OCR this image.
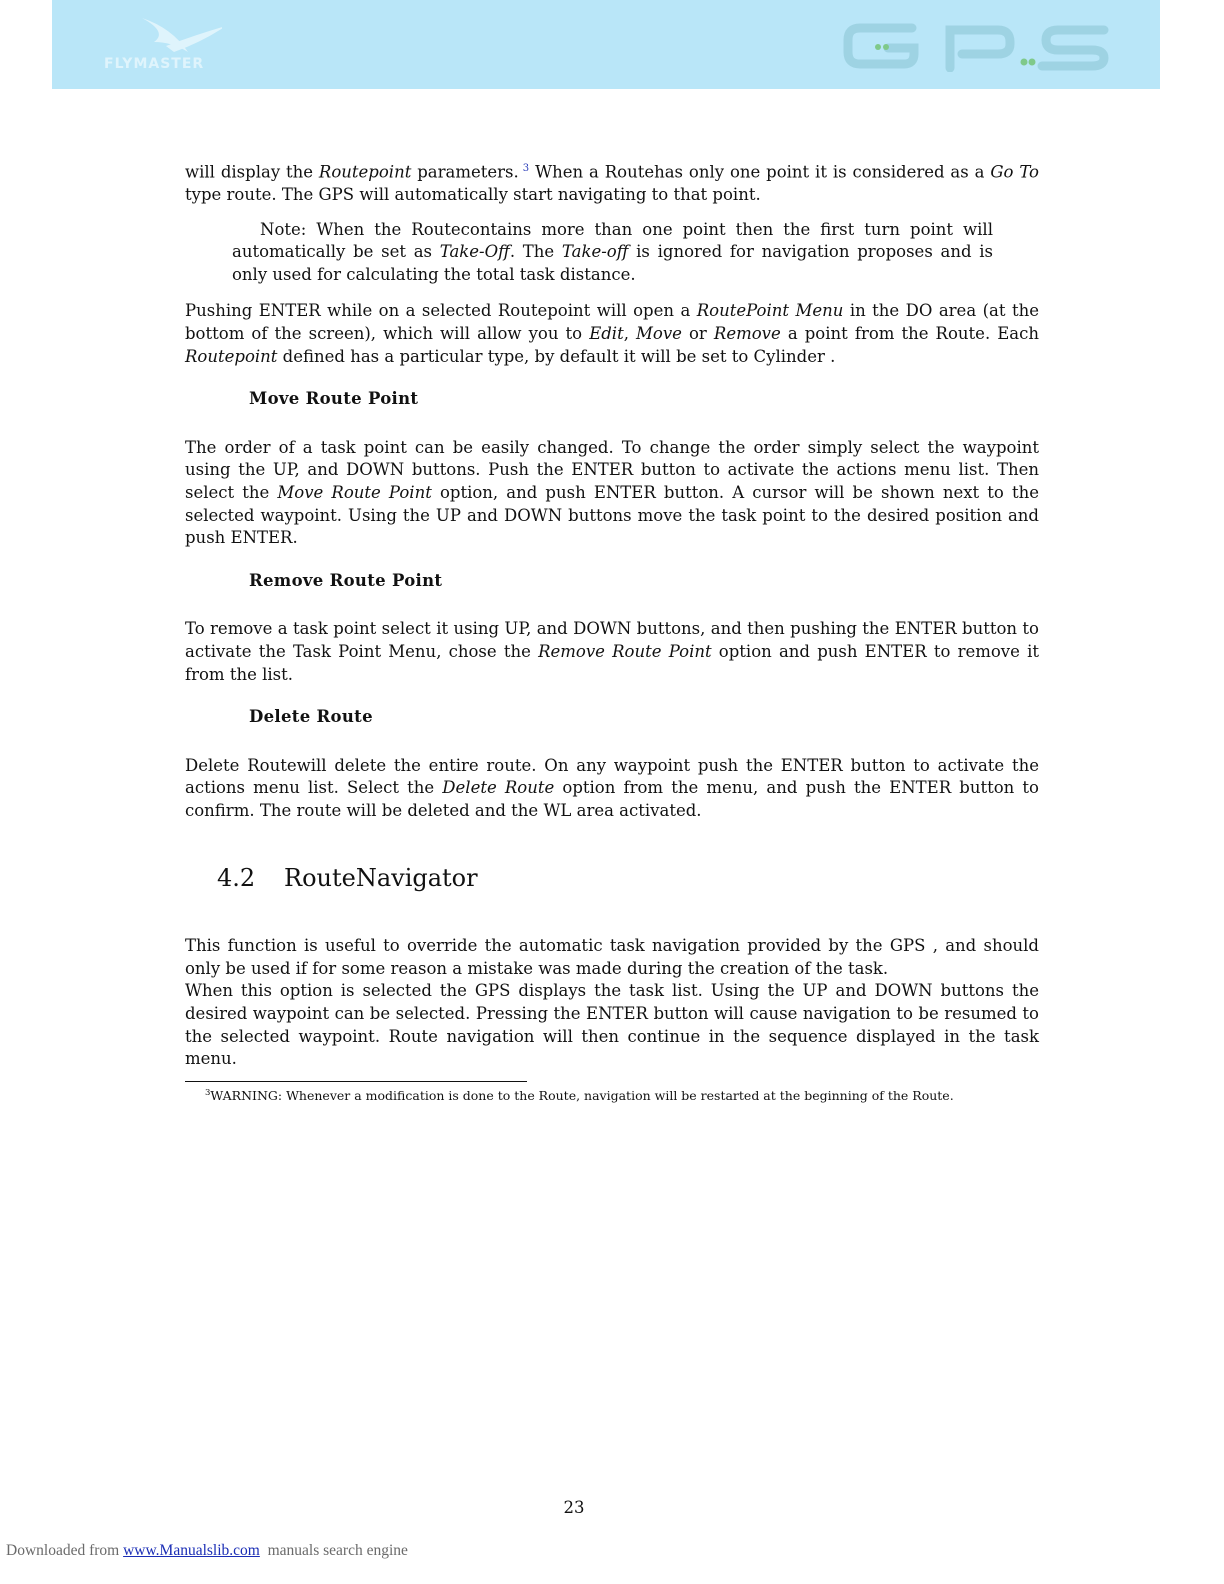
FLYMASTER

will display the Routepoint parameters. $^3$ When a Routehas only one point it is considered as a Go To type route. The GPS will automatically start navigating to that point.

Note: When the Routecontains more than one point then the first turn point will automatically be set as Take-Off. The Take-off is ignored for navigation proposes and is only used for calculating the total task distance.

Pushing ENTER while on a selected Routepoint will open a RoutePoint Menu in the DO area (at the bottom of the screen), which will allow you to Edit, Move or Remove a point from the Route. Each Routepoint defined has a particular type, by default it will be set to Cylinder .

Move Route Point

The order of a task point can be easily changed. To change the order simply select the waypoint using the UP, and DOWN buttons. Push the ENTER button to activate the actions menu list. Then select the Move Route Point option, and push ENTER button. A cursor will be shown next to the selected waypoint. Using the UP and DOWN buttons move the task point to the desired position and push ENTER.

Remove Route Point

To remove a task point select it using UP, and DOWN buttons, and then pushing the ENTER button to activate the Task Point Menu, chose the Remove Route Point option and push ENTER to remove it from the list.

Delete Route

Delete Routewill delete the entire route. On any waypoint push the ENTER button to activate the actions menu list. Select the Delete Route option from the menu, and push the ENTER button to confirm. The route will be deleted and the WL area activated.

4.2 RouteNavigator

This function is useful to override the automatic task navigation provided by the GPS , and should only be used if for some reason a mistake was made during the creation of the task.

When this option is selected the GPS displays the task list. Using the UP and DOWN buttons the desired waypoint can be selected. Pressing the ENTER button will cause navigation to be resumed to the selected waypoint. Route navigation will then continue in the sequence displayed in the task menu.

$^3$WARNING: Whenever a modification is done to the Route, navigation will be restarted at the beginning of the Route.

23
Downloaded from www.Manualslib.com  manuals search engine
